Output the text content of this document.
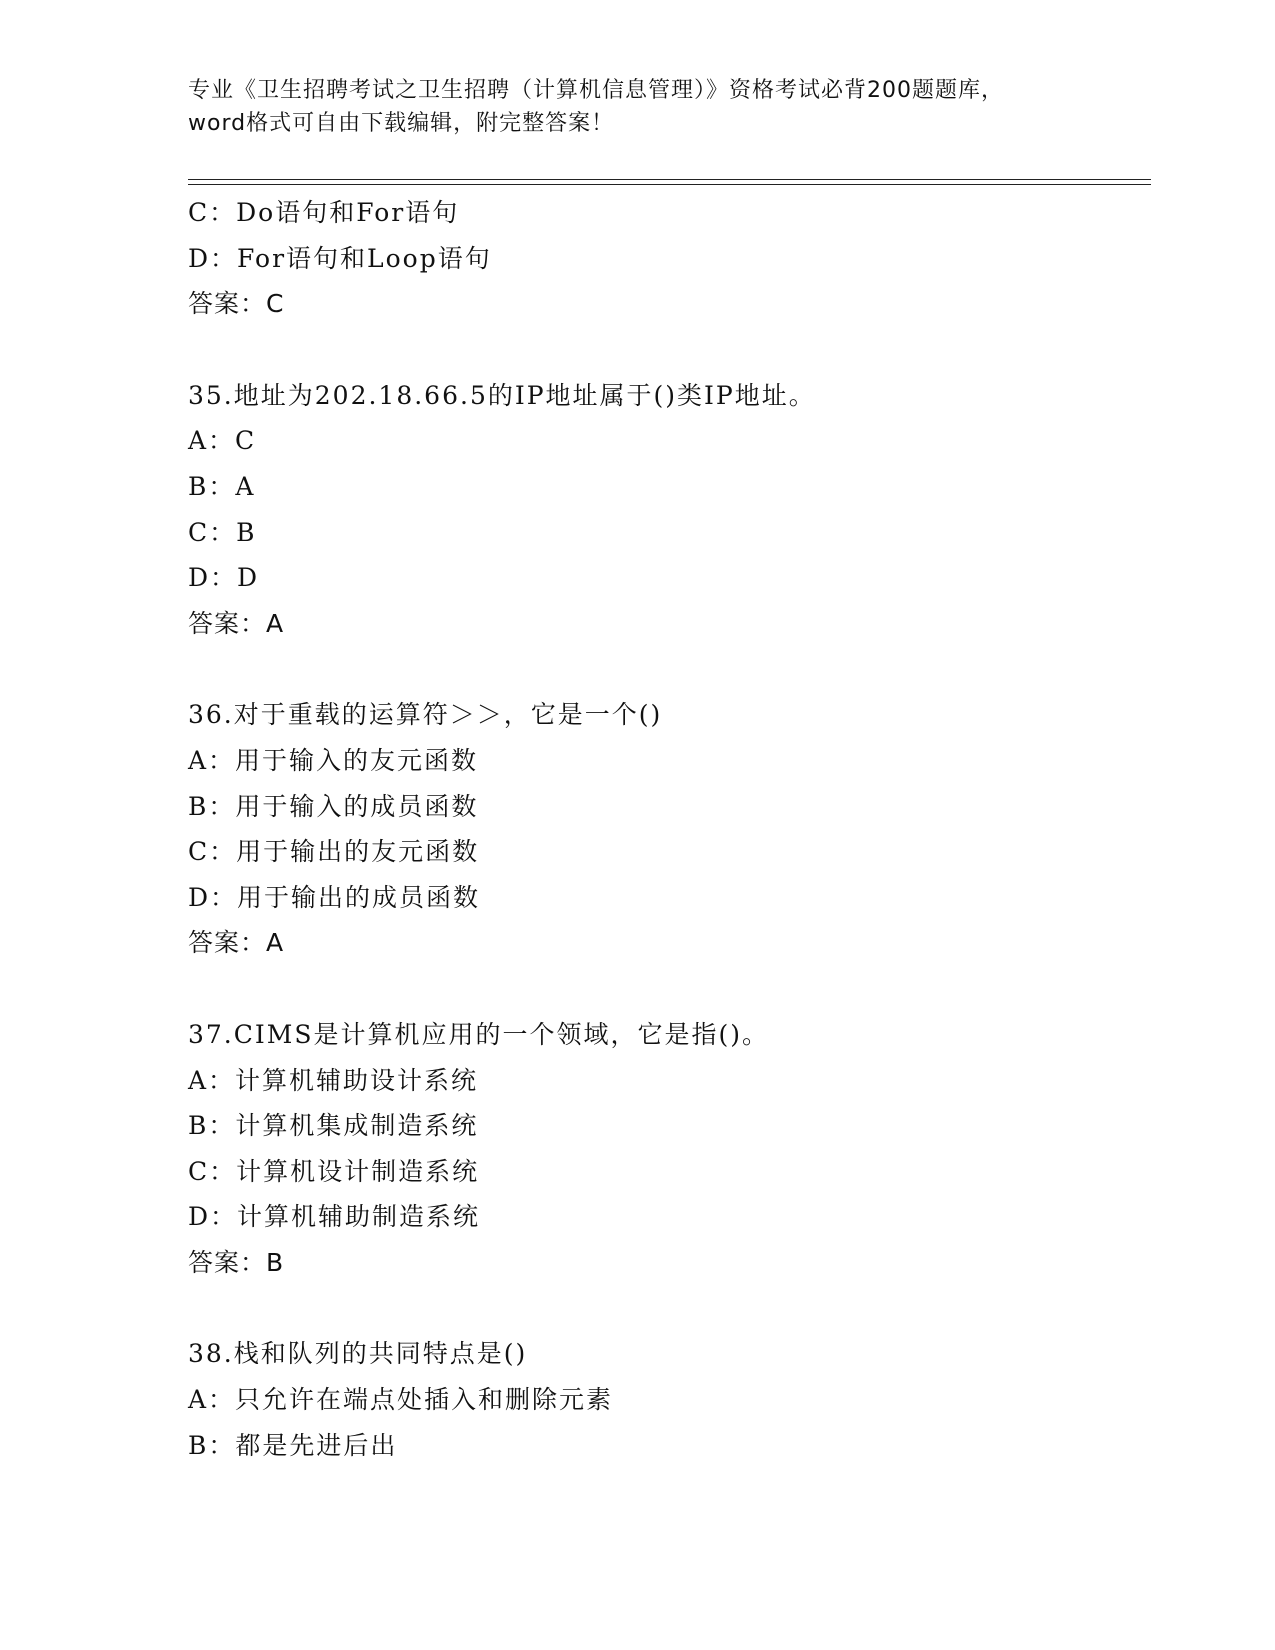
专业《卫生招聘考试之卫生招聘（计算机信息管理）》资格考试必背200题题库，
word格式可自由下载编辑，附完整答案！
C：Do语句和For语句
D：For语句和Loop语句
答案：C
35.地址为202.18.66.5的IP地址属于()类IP地址。
A：C
B：A
C：B
D：D
答案：A
36.对于重载的运算符＞＞，它是一个()
A：用于输入的友元函数
B：用于输入的成员函数
C：用于输出的友元函数
D：用于输出的成员函数
答案：A
37.CIMS是计算机应用的一个领域，它是指()。
A：计算机辅助设计系统
B：计算机集成制造系统
C：计算机设计制造系统
D：计算机辅助制造系统
答案：B
38.栈和队列的共同特点是()
A：只允许在端点处插入和删除元素
B：都是先进后出
